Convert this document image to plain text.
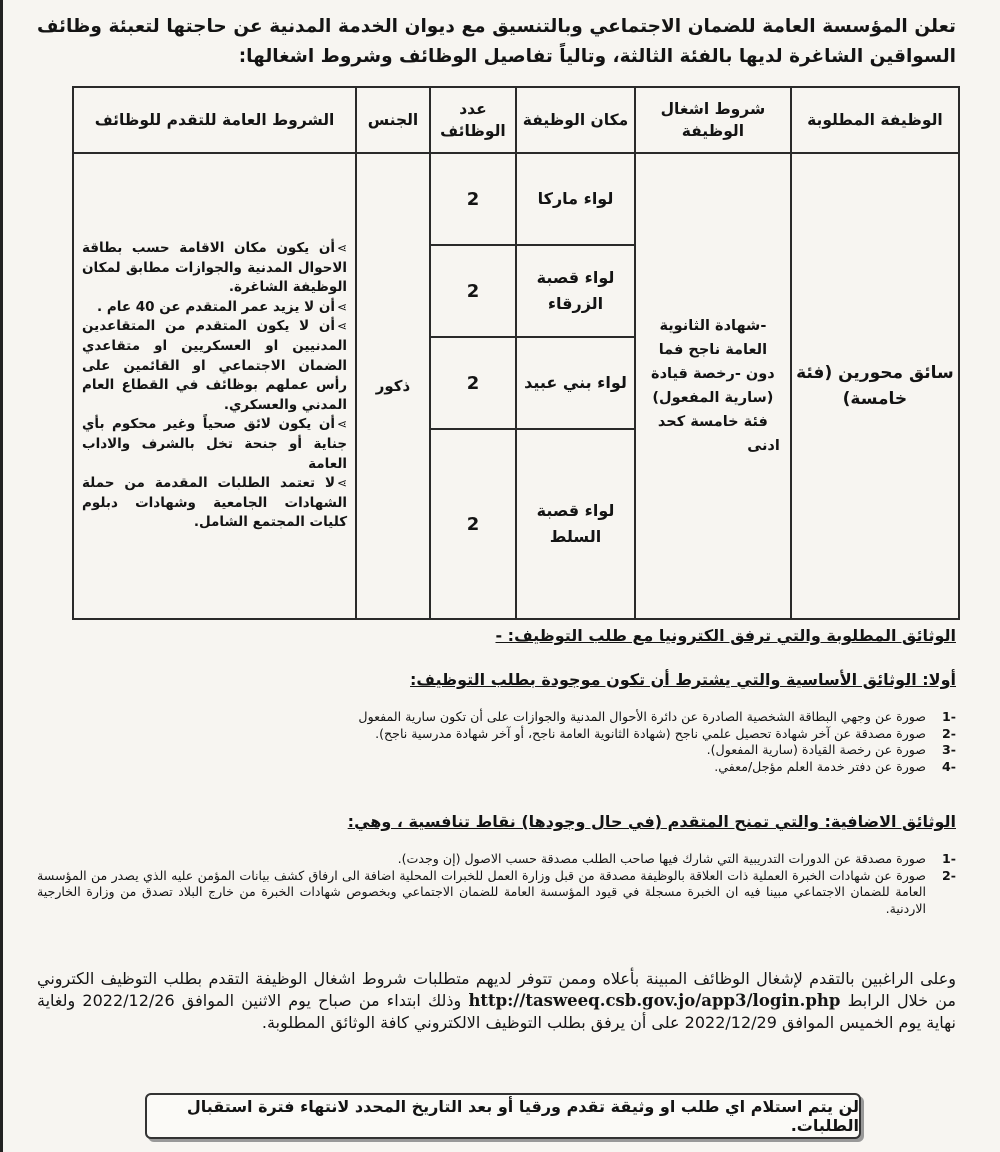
تعلن المؤسسة العامة للضمان الاجتماعي وبالتنسيق مع ديوان الخدمة المدنية عن حاجتها لتعبئة وظائف السواقين الشاغرة لديها بالفئة الثالثة، وتالياً تفاصيل الوظائف وشروط اشغالها:

الوظيفة المطلوبة	شروط اشغال الوظيفة	مكان الوظيفة	عدد الوظائف	الجنس	الشروط العامة للتقدم للوظائف
سائق محورين (فئة خامسة)	-شهادة الثانوية العامة ناجح فما دون -رخصة قيادة (سارية المفعول) فئة خامسة كحد ادنى	لواء ماركا	2	ذكور	⋗أن يكون مكان الاقامة حسب بطاقة الاحوال المدنية والجوازات مطابق لمكان الوظيفة الشاغرة.
⋗أن لا يزيد عمر المتقدم عن 40 عام .
⋗أن لا يكون المتقدم من المتقاعدين المدنيين او العسكريين او متقاعدي الضمان الاجتماعي او القائمين على رأس عملهم بوظائف في القطاع العام المدني والعسكري.
⋗أن يكون لائق صحياً وغير محكوم بأي جناية أو جنحة تخل بالشرف والاداب العامة
⋗لا تعتمد الطلبات المقدمة من حملة الشهادات الجامعية وشهادات دبلوم كليات المجتمع الشامل.

		لواء قصبة الزرقاء	2		
		لواء بني عبيد	2		
		لواء قصبة السلط	2		
الوثائق المطلوبة والتي ترفق الكترونيا مع طلب التوظيف: -
أولا: الوثائق الأساسية والتي يشترط أن تكون موجودة بطلب التوظيف:
-1
صورة عن وجهي البطاقة الشخصية الصادرة عن دائرة الأحوال المدنية والجوازات على أن تكون سارية المفعول
-2
صورة مصدقة عن آخر شهادة تحصيل علمي ناجح (شهادة الثانوية العامة ناجح، أو آخر شهادة مدرسية ناجح).
-3
صورة عن رخصة القيادة (سارية المفعول).
-4
صورة عن دفتر خدمة العلم مؤجل/معفي.
الوثائق الاضافية: والتي تمنح المتقدم (في حال وجودها) نقاط تنافسية ، وهي:
-1
صورة مصدقة عن الدورات التدريبية التي شارك فيها صاحب الطلب مصدقة حسب الاصول (إن وجدت).
-2
صورة عن شهادات الخبرة العملية ذات العلاقة بالوظيفة مصدقة من قبل وزارة العمل للخبرات المحلية اضافة الى ارفاق كشف بيانات المؤمن عليه الذي يصدر من المؤسسة العامة للضمان الاجتماعي مبينا فيه ان الخبرة مسجلة في قيود المؤسسة العامة للضمان الاجتماعي وبخصوص شهادات الخبرة من خارج البلاد تصدق من وزارة الخارجية الاردنية.

وعلى الراغبين بالتقدم لإشغال الوظائف المبينة بأعلاه وممن تتوفر لديهم متطلبات شروط اشغال الوظيفة التقدم بطلب التوظيف الكتروني من خلال الرابط http://tasweeq.csb.gov.jo/app3/login.php وذلك ابتداء من صباح يوم الاثنين الموافق 2022/12/26 ولغاية نهاية يوم الخميس الموافق 2022/12/29 على أن يرفق بطلب التوظيف الالكتروني كافة الوثائق المطلوبة.

لن يتم استلام اي طلب او وثيقة تقدم ورقيا أو بعد التاريخ المحدد لانتهاء فترة استقبال الطلبات.
